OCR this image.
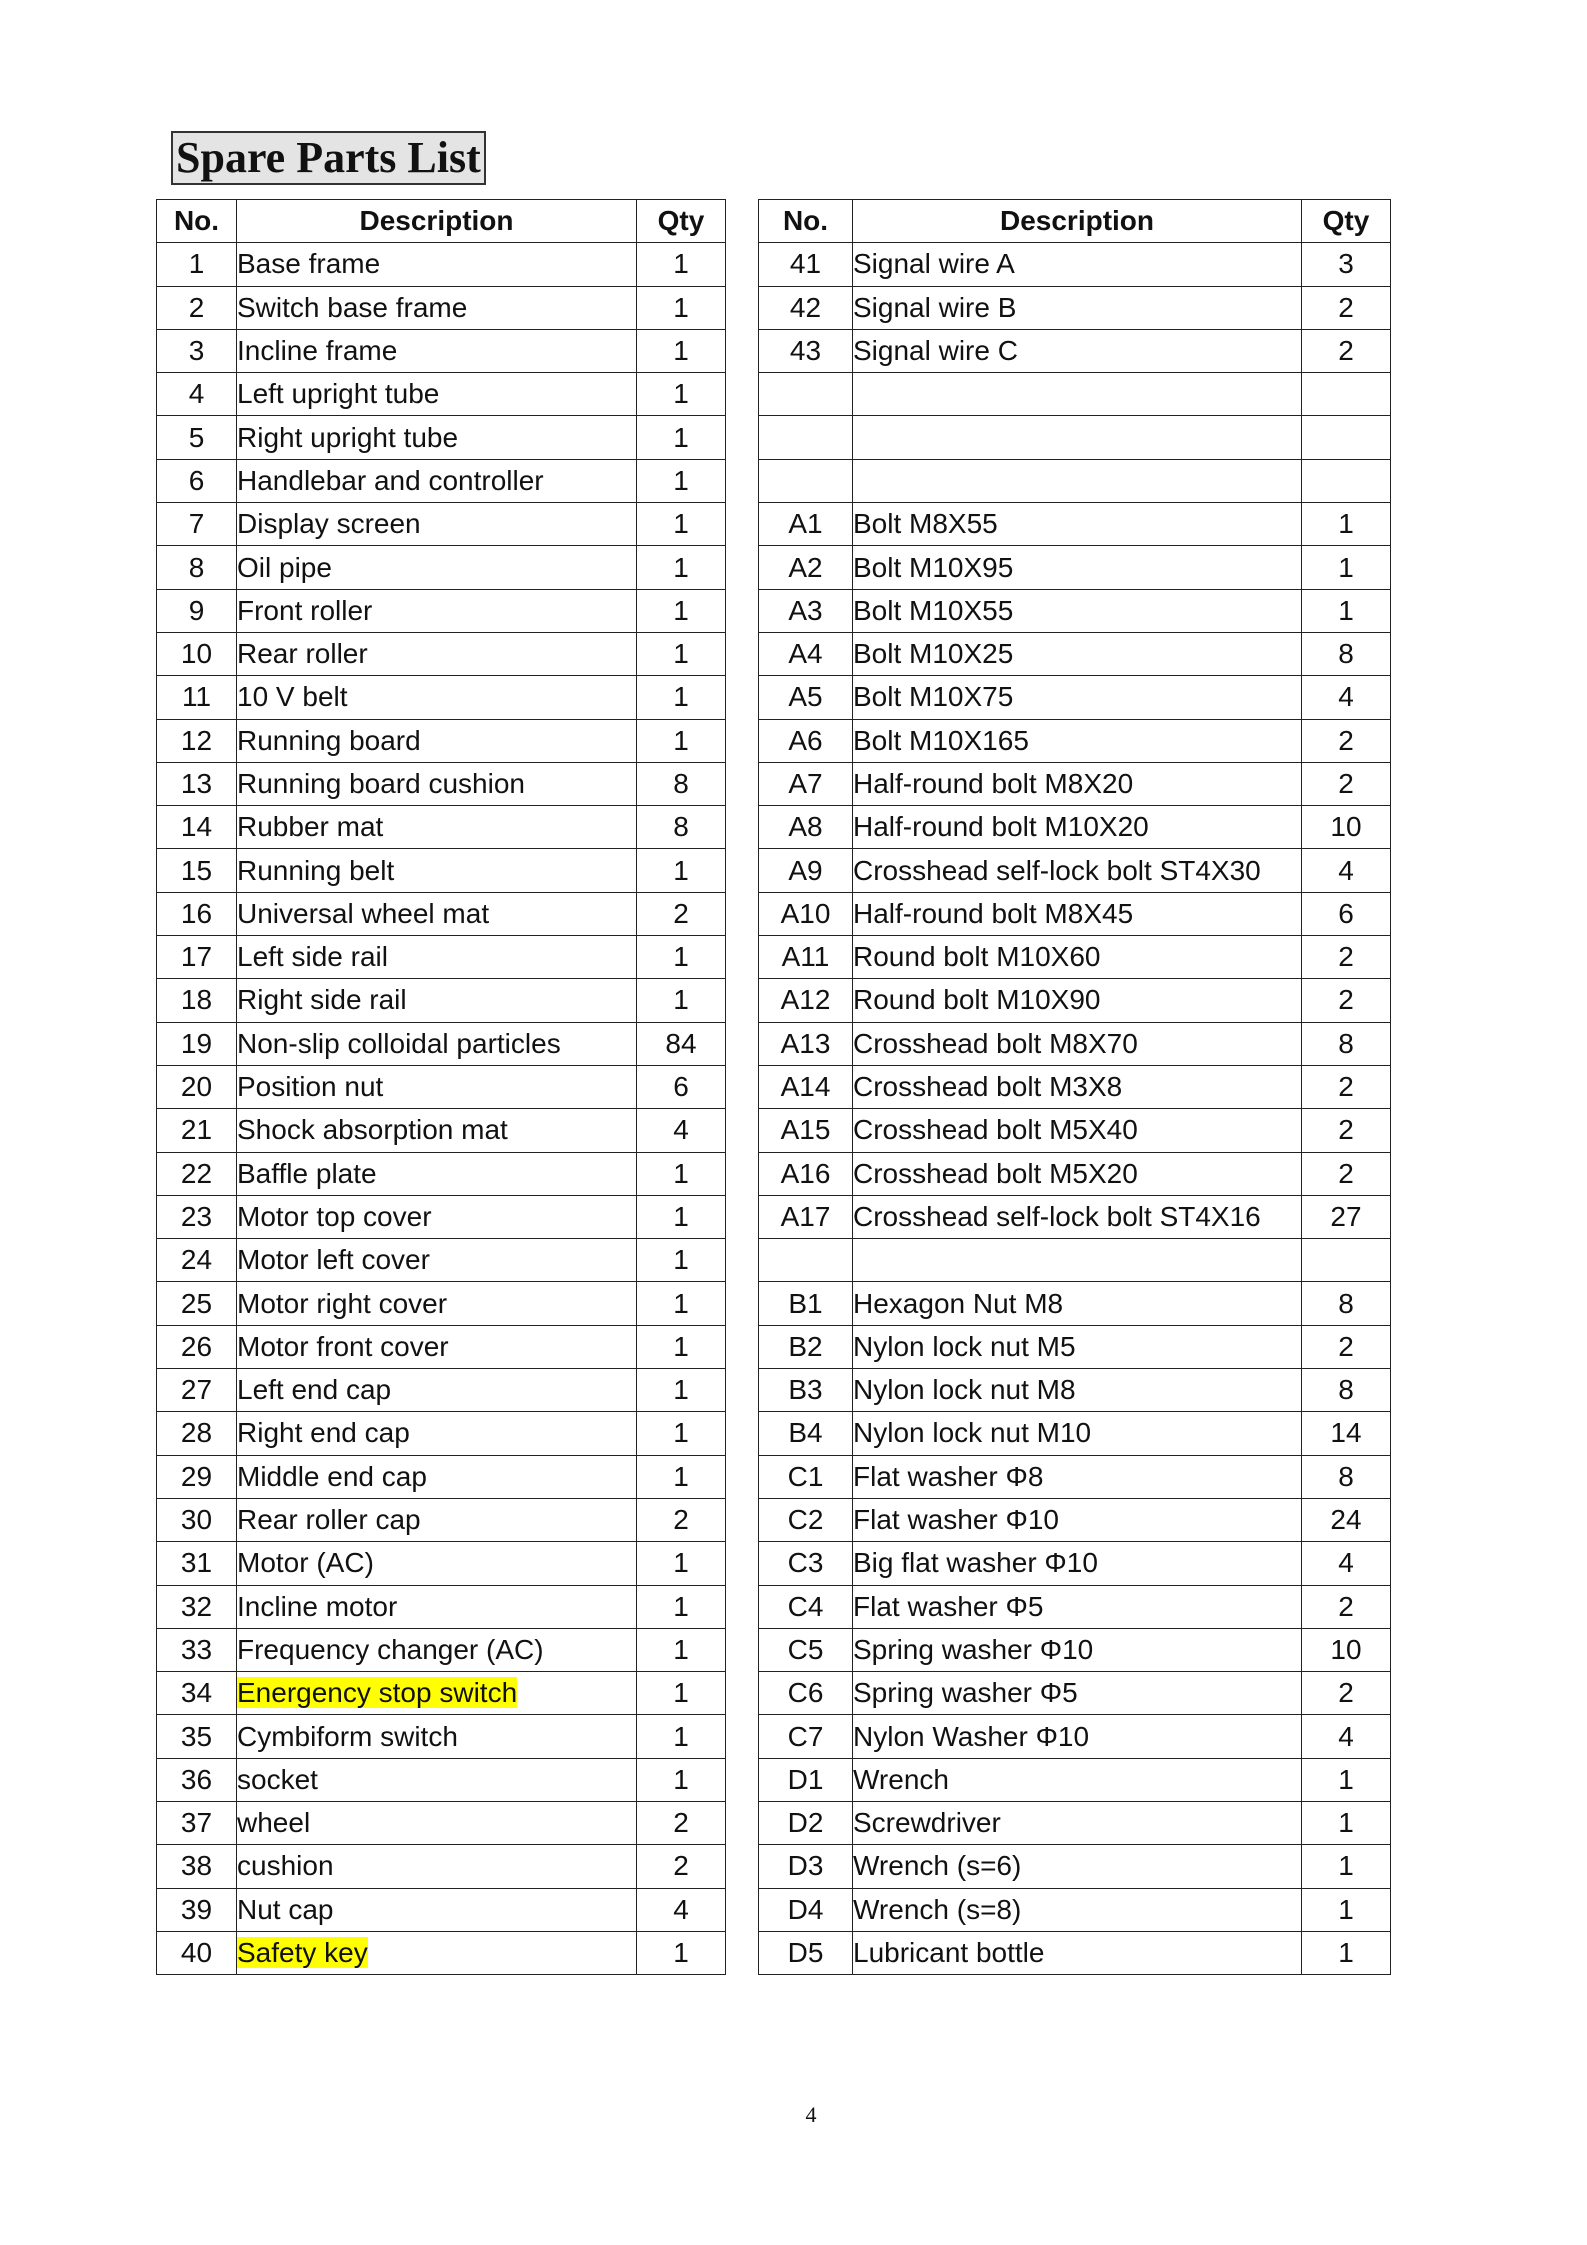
Spare Parts List
No.	Description	Qty
1	Base frame	1
2	Switch base frame	1
3	Incline frame	1
4	Left upright tube	1
5	Right upright tube	1
6	Handlebar and controller	1
7	Display screen	1
8	Oil pipe	1
9	Front roller	1
10	Rear roller	1
11	10 V belt	1
12	Running board	1
13	Running board cushion	8
14	Rubber mat	8
15	Running belt	1
16	Universal wheel mat	2
17	Left side rail	1
18	Right side rail	1
19	Non-slip colloidal particles	84
20	Position nut	6
21	Shock absorption mat	4
22	Baffle plate	1
23	Motor top cover	1
24	Motor left cover	1
25	Motor right cover	1
26	Motor front cover	1
27	Left end cap	1
28	Right end cap	1
29	Middle end cap	1
30	Rear roller cap	2
31	Motor (AC)	1
32	Incline motor	1
33	Frequency changer (AC)	1
34	Energency stop switch	1
35	Cymbiform switch	1
36	socket	1
37	wheel	2
38	cushion	2
39	Nut cap	4
40	Safety key	1
No.	Description	Qty
41	Signal wire A	3
42	Signal wire B	2
43	Signal wire C	2

A1	Bolt M8X55	1
A2	Bolt M10X95	1
A3	Bolt M10X55	1
A4	Bolt M10X25	8
A5	Bolt M10X75	4
A6	Bolt M10X165	2
A7	Half-round bolt M8X20	2
A8	Half-round bolt M10X20	10
A9	Crosshead self-lock bolt ST4X30	4
A10	Half-round bolt M8X45	6
A11	Round bolt M10X60	2
A12	Round bolt M10X90	2
A13	Crosshead bolt M8X70	8
A14	Crosshead bolt M3X8	2
A15	Crosshead bolt M5X40	2
A16	Crosshead bolt M5X20	2
A17	Crosshead self-lock bolt ST4X16	27

B1	Hexagon Nut M8	8
B2	Nylon lock nut M5	2
B3	Nylon lock nut M8	8
B4	Nylon lock nut M10	14
C1	Flat washer Φ8	8
C2	Flat washer Φ10	24
C3	Big flat washer Φ10	4
C4	Flat washer Φ5	2
C5	Spring washer Φ10	10
C6	Spring washer Φ5	2
C7	Nylon Washer Φ10	4
D1	Wrench	1
D2	Screwdriver	1
D3	Wrench (s=6)	1
D4	Wrench (s=8)	1
D5	Lubricant bottle	1
4
